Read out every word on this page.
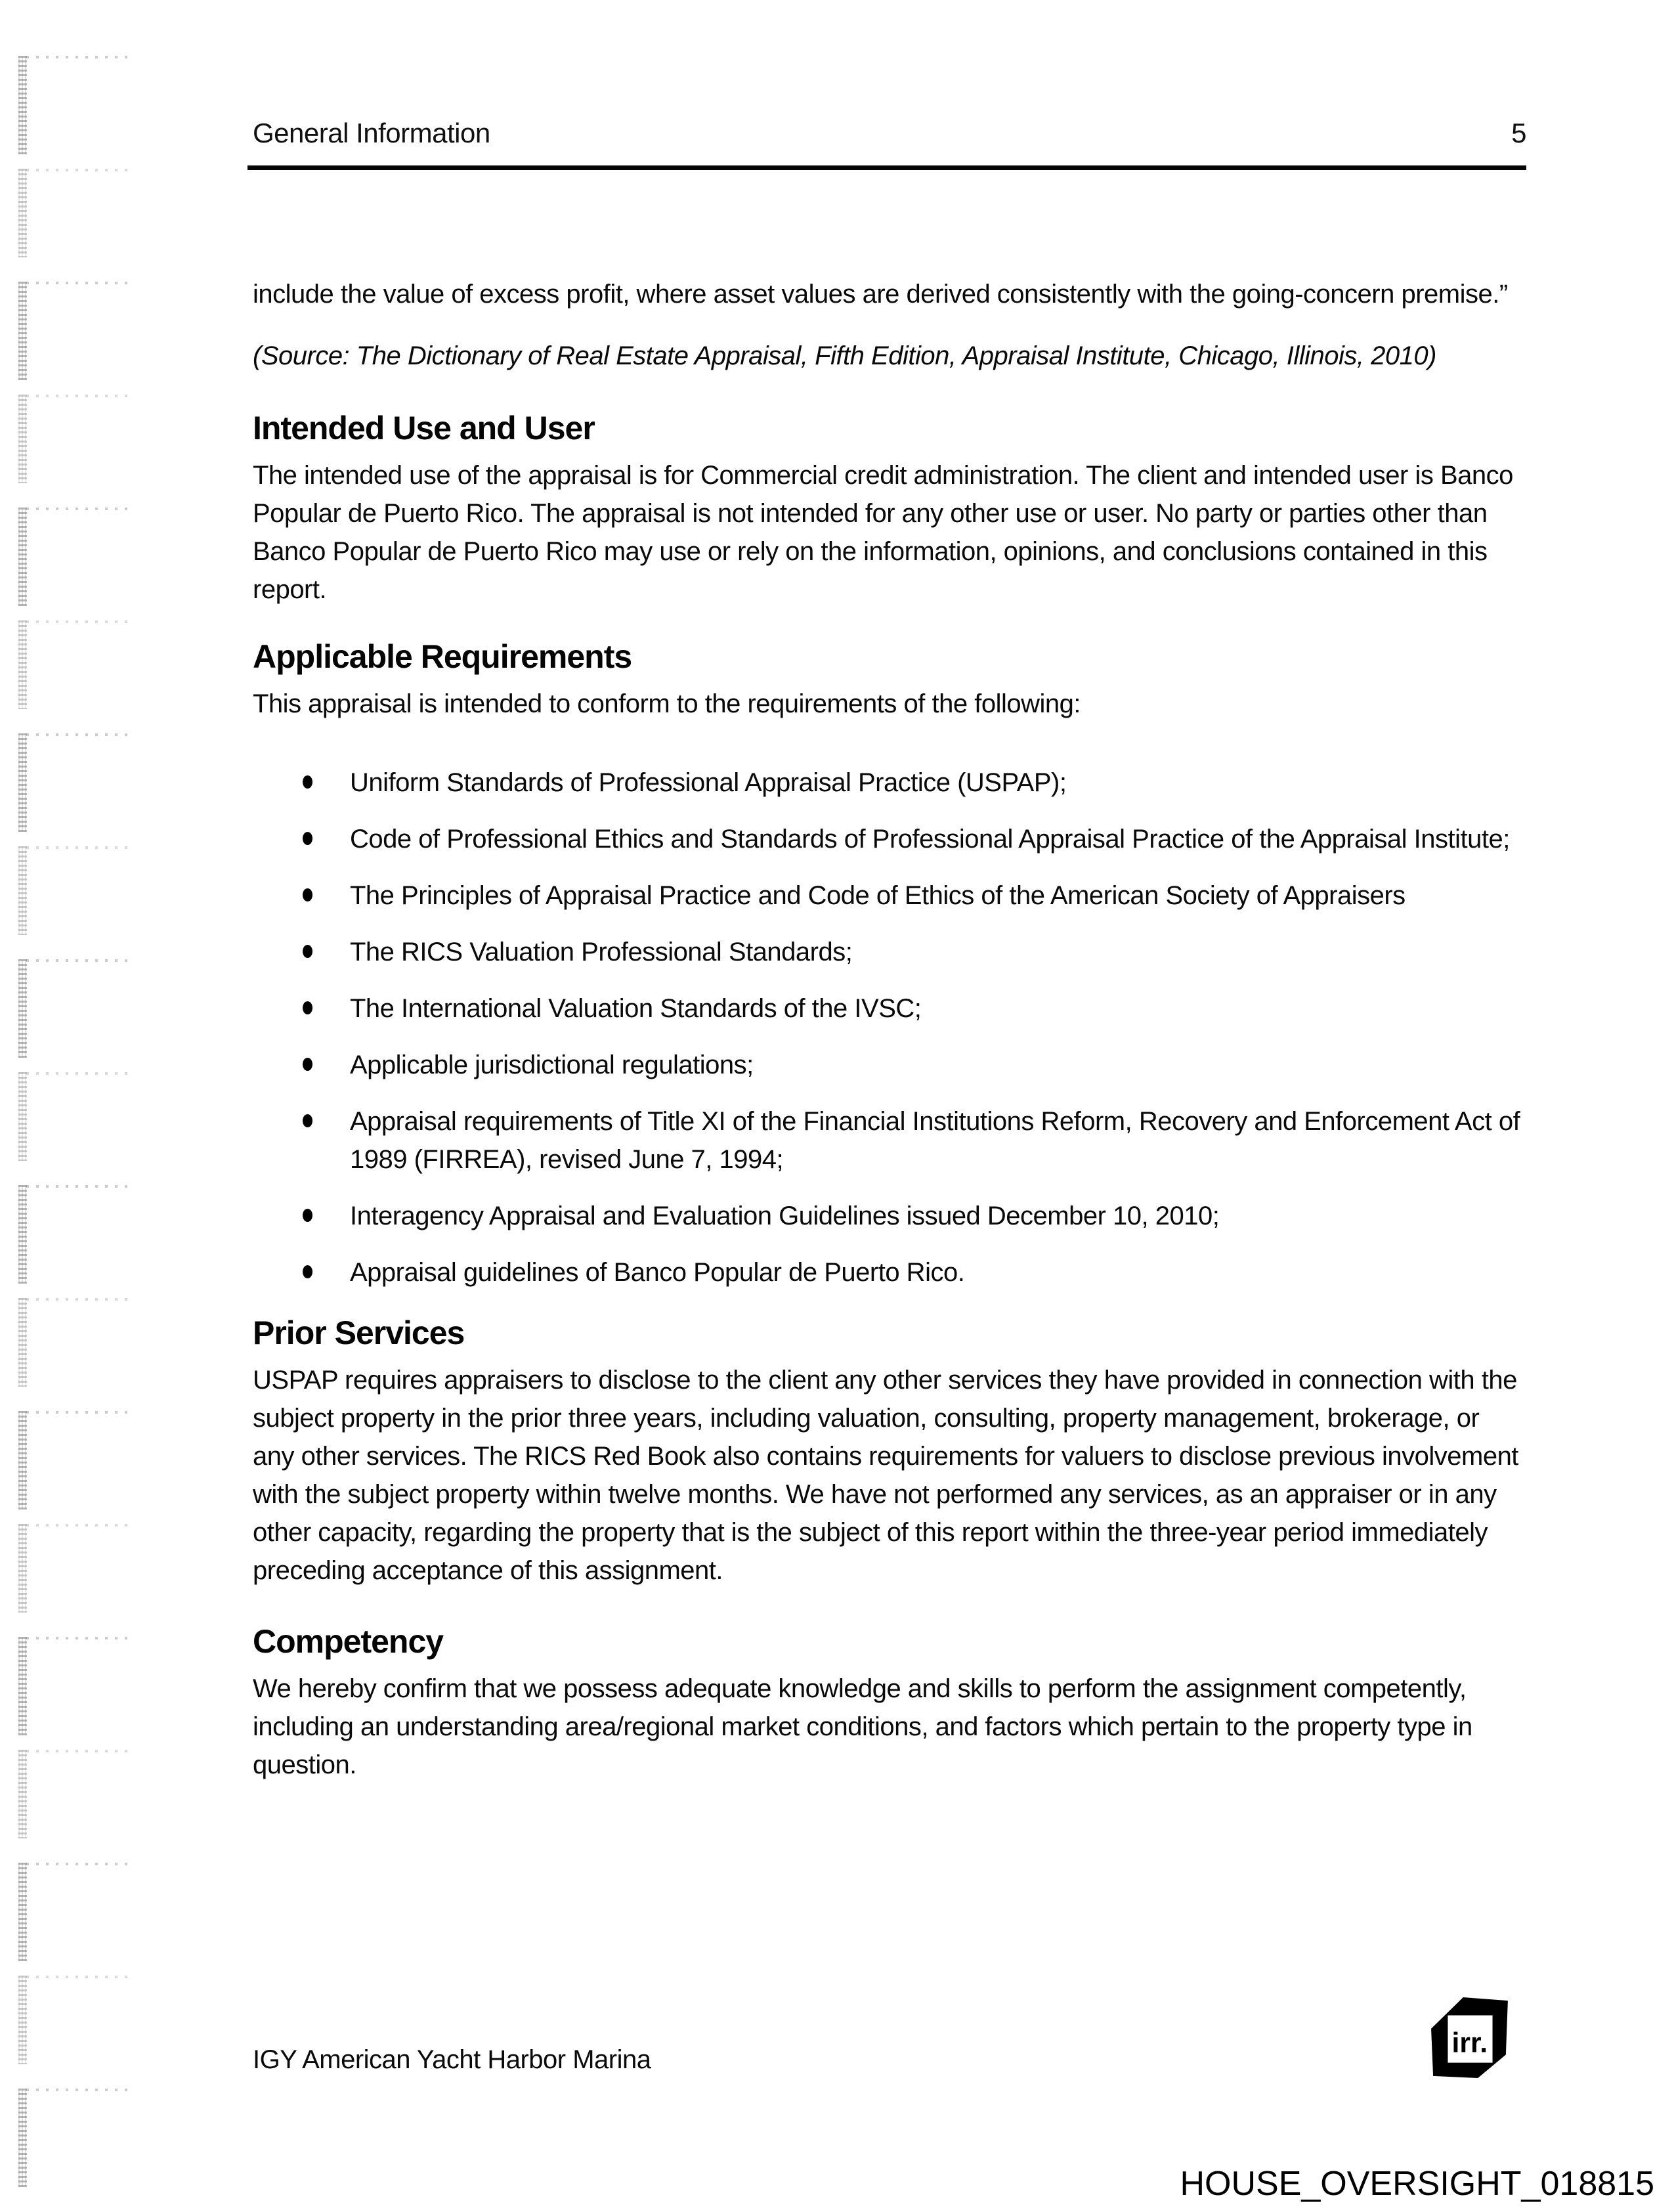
General Information	5

include the value of excess profit, where asset values are derived consistently with the going-concern premise.”

(Source: The Dictionary of Real Estate Appraisal, Fifth Edition, Appraisal Institute, Chicago, Illinois, 2010)

Intended Use and User

The intended use of the appraisal is for Commercial credit administration. The client and intended user is Banco Popular de Puerto Rico. The appraisal is not intended for any other use or user. No party or parties other than Banco Popular de Puerto Rico may use or rely on the information, opinions, and conclusions contained in this report.

Applicable Requirements

This appraisal is intended to conform to the requirements of the following:

Uniform Standards of Professional Appraisal Practice (USPAP);
Code of Professional Ethics and Standards of Professional Appraisal Practice of the Appraisal Institute;
The Principles of Appraisal Practice and Code of Ethics of the American Society of Appraisers
The RICS Valuation Professional Standards;
The International Valuation Standards of the IVSC;
Applicable jurisdictional regulations;
Appraisal requirements of Title XI of the Financial Institutions Reform, Recovery and Enforcement Act of 1989 (FIRREA), revised June 7, 1994;
Interagency Appraisal and Evaluation Guidelines issued December 10, 2010;
Appraisal guidelines of Banco Popular de Puerto Rico.
Prior Services

USPAP requires appraisers to disclose to the client any other services they have provided in connection with the subject property in the prior three years, including valuation, consulting, property management, brokerage, or any other services. The RICS Red Book also contains requirements for valuers to disclose previous involvement with the subject property within twelve months. We have not performed any services, as an appraiser or in any other capacity, regarding the property that is the subject of this report within the three-year period immediately preceding acceptance of this assignment.

Competency

We hereby confirm that we possess adequate knowledge and skills to perform the assignment competently, including an understanding area/regional market conditions, and factors which pertain to the property type in question.

IGY American Yacht Harbor Marina
irr.
HOUSE_OVERSIGHT_018815
